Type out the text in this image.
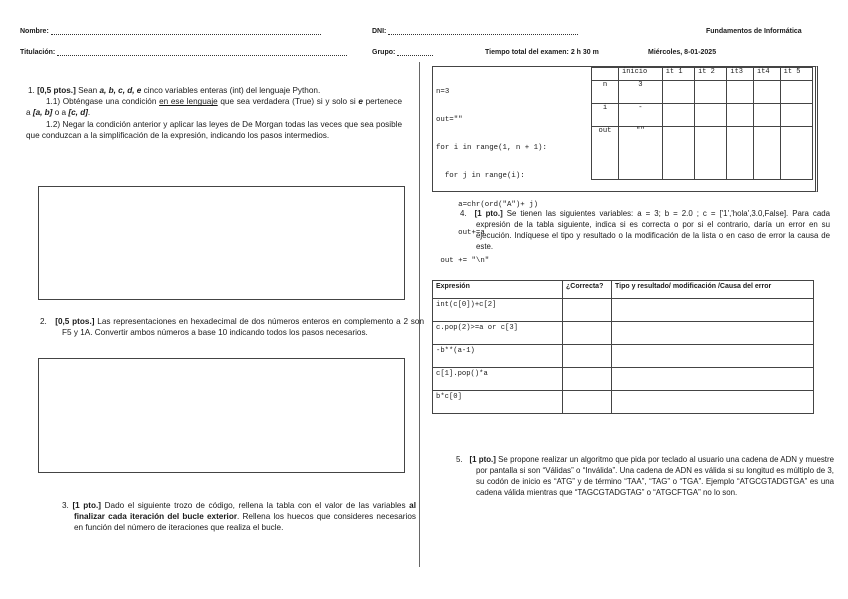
Nombre:	DNI:	Fundamentos de Informática
Titulación:	Grupo:	Tiempo total del examen: 2 h 30 m	Miércoles, 8-01-2025
1. [0,5 ptos.] Sean a, b, c, d, e cinco variables enteras (int) del lenguaje Python.
1.1) Obténgase una condición en ese lenguaje que sea verdadera (True) si y solo si e pertenece a [a, b] o a [c, d].
1.2) Negar la condición anterior y aplicar las leyes de De Morgan todas las veces que sea posible que conduzcan a la simplificación de la expresión, indicando los pasos intermedios.
2. [0,5 ptos.] Las representaciones en hexadecimal de dos números enteros en complemento a 2 son F5 y 1A. Convertir ambos números a base 10 indicando todos los pasos necesarios.
3. [1 pto.] Dado el siguiente trozo de código, rellena la tabla con el valor de las variables al finalizar cada iteración del bucle exterior. Rellena los huecos que consideres necesarios en función del número de iteraciones que realiza el bucle.

n=3

out=""

for i in range(1, n + 1):

for j in range(i):

a=chr(ord("A")+ j)

out+=a

out += "\n"

	inicio	it 1	it 2	it3	it4	it 5
n	3					
i	-					
out	""					
4. [1 pto.] Se tienen las siguientes variables: a = 3; b = 2.0 ; c = ['1','hola',3.0,False]. Para cada expresión de la tabla siguiente, indica si es correcta o por si el contrario, daría un error en su ejecución. Indíquese el tipo y resultado o la modificación de la lista o en caso de error la causa de este.
Expresión	¿Correcta?	Tipo y resultado/ modificación /Causa del error
int(c[0])+c[2]		
c.pop(2)>=a or c[3]		
-b**(a-1)		
c[1].pop()*a		
b*c[0]		
5. [1 pto.] Se propone realizar un algoritmo que pida por teclado al usuario una cadena de ADN y muestre por pantalla si son “Válidas” o “Inválida”. Una cadena de ADN es válida si su longitud es múltiplo de 3, su codón de inicio es “ATG” y de término “TAA”, “TAG” o “TGA”. Ejemplo “ATGCGTADGTGA” es una cadena válida mientras que “TAGCGTADGTAG” o “ATGCFTGA” no lo son.
